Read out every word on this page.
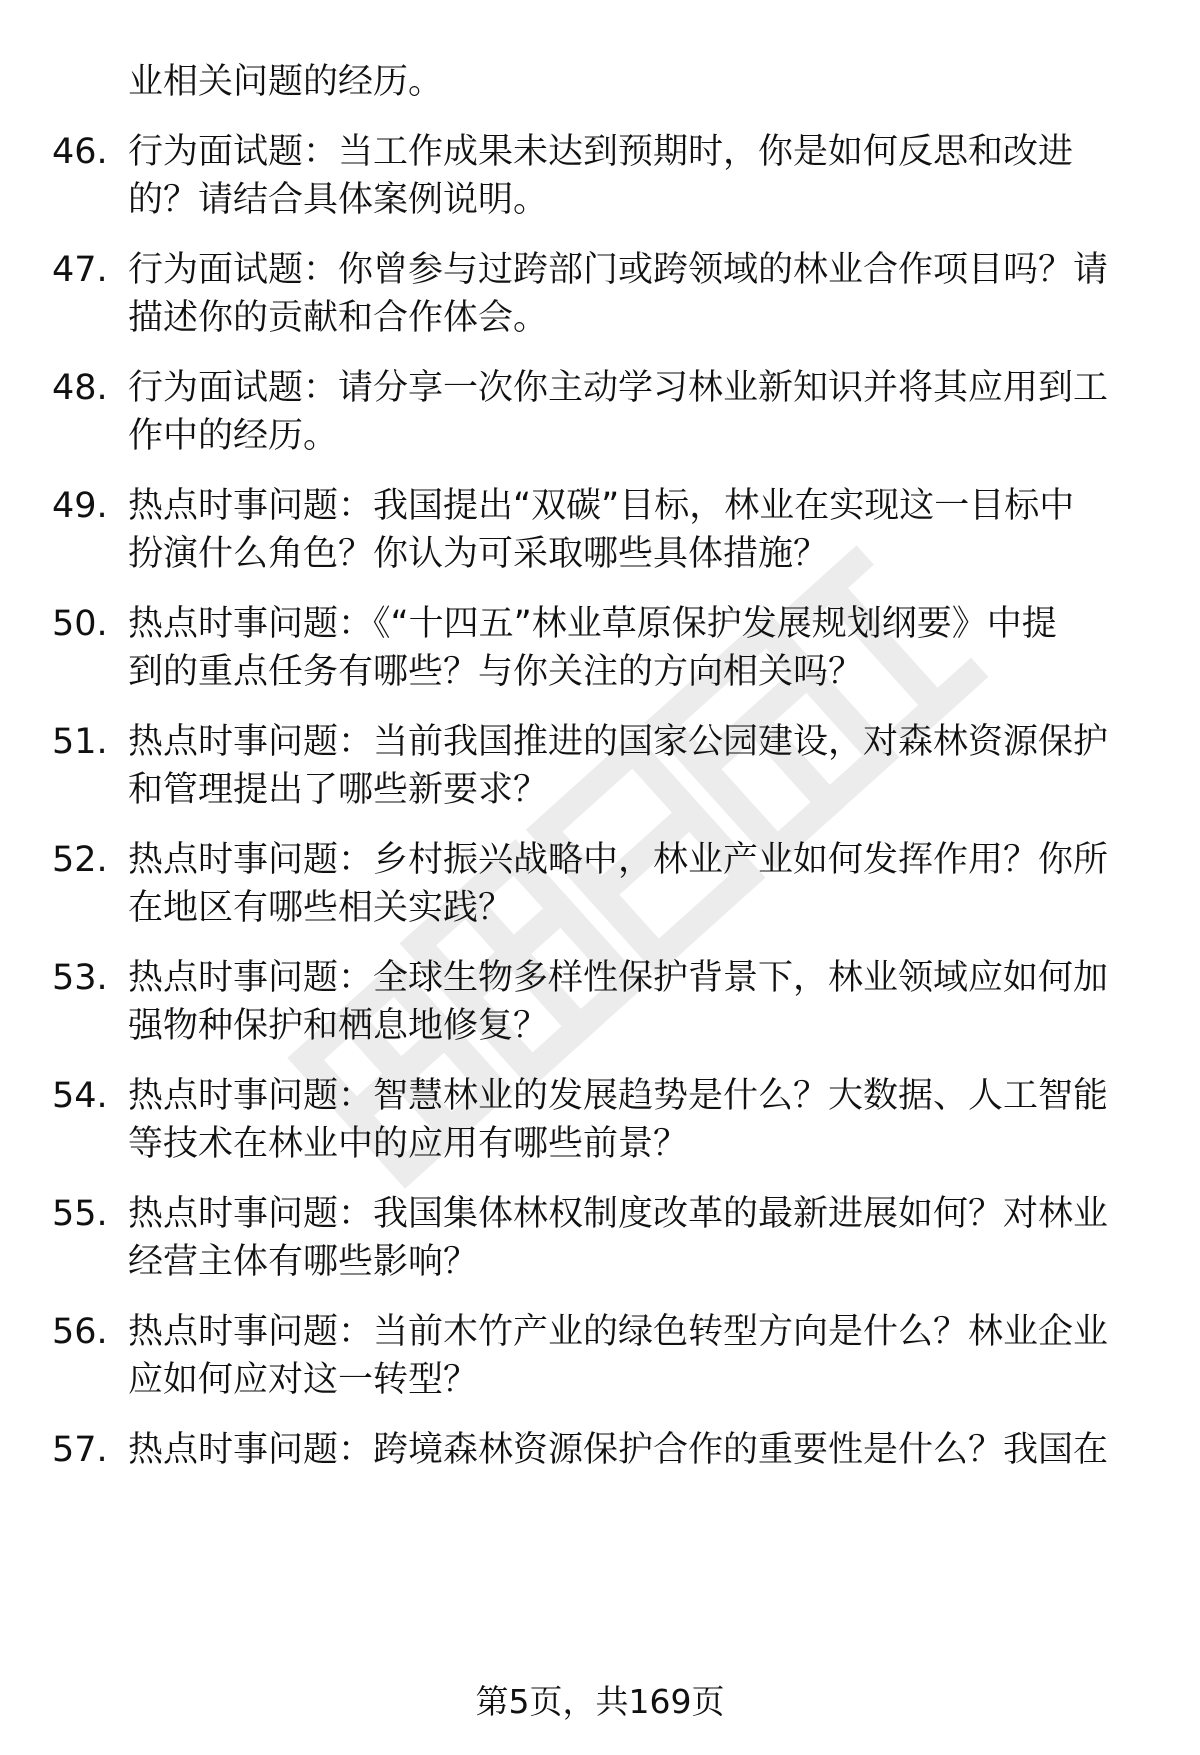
业相关问题的经历。
46. 行为面试题：当工作成果未达到预期时，你是如何反思和改进
的？请结合具体案例说明。
47. 行为面试题：你曾参与过跨部门或跨领域的林业合作项目吗？请
描述你的贡献和合作体会。
48. 行为面试题：请分享一次你主动学习林业新知识并将其应用到工
作中的经历。
49. 热点时事问题：我国提出“双碳”目标，林业在实现这一目标中
扮演什么角色？你认为可采取哪些具体措施？
50. 热点时事问题：《“十四五”林业草原保护发展规划纲要》中提
到的重点任务有哪些？与你关注的方向相关吗？
51. 热点时事问题：当前我国推进的国家公园建设，对森林资源保护
和管理提出了哪些新要求？
52. 热点时事问题：乡村振兴战略中，林业产业如何发挥作用？你所
在地区有哪些相关实践？
53. 热点时事问题：全球生物多样性保护背景下，林业领域应如何加
强物种保护和栖息地修复？
54. 热点时事问题：智慧林业的发展趋势是什么？大数据、人工智能
等技术在林业中的应用有哪些前景？
55. 热点时事问题：我国集体林权制度改革的最新进展如何？对林业
经营主体有哪些影响？
56. 热点时事问题：当前木竹产业的绿色转型方向是什么？林业企业
应如何应对这一转型？
57. 热点时事问题：跨境森林资源保护合作的重要性是什么？我国在
第5页，共169页
